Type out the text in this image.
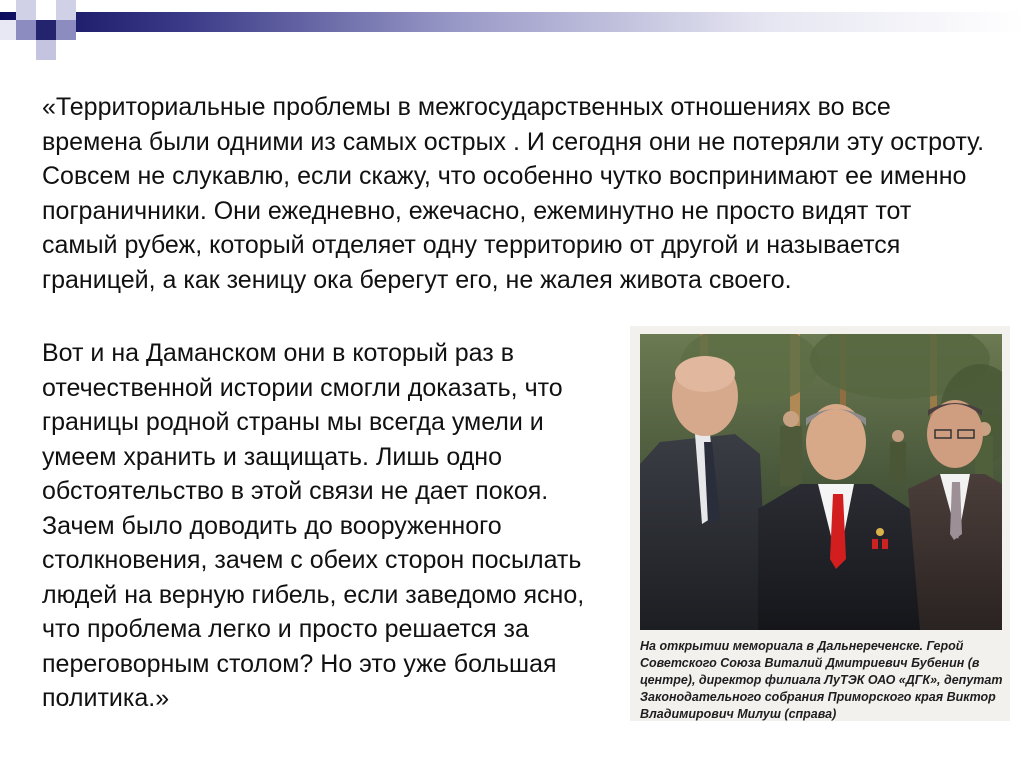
«Территориальные проблемы в межгосударственных отношениях во все времена были одними из самых острых . И сегодня они не потеряли эту остроту. Совсем не слукавлю, если скажу, что особенно чутко воспринимают ее именно пограничники. Они ежедневно, ежечасно, ежеминутно не просто видят тот самый рубеж, который отделяет одну территорию от другой и называется границей, а как зеницу ока берегут его, не жалея живота своего.

Вот и на Даманском они в который раз в отечественной истории смогли доказать, что границы родной страны мы всегда умели и умеем хранить и защищать. Лишь одно обстоятельство в этой связи не дает покоя. Зачем было доводить до вооруженного столкновения, зачем с обеих сторон посылать людей на верную гибель, если заведомо ясно, что проблема легко и просто решается за переговорным столом? Но это уже большая политика.»

На открытии мемориала в Дальнереченске. Герой Советского Союза Виталий Дмитриевич Бубенин (в центре), директор филиала ЛуТЭК ОАО «ДГК», депутат Законодательного собрания Приморского края Виктор Владимирович Милуш (справа)
